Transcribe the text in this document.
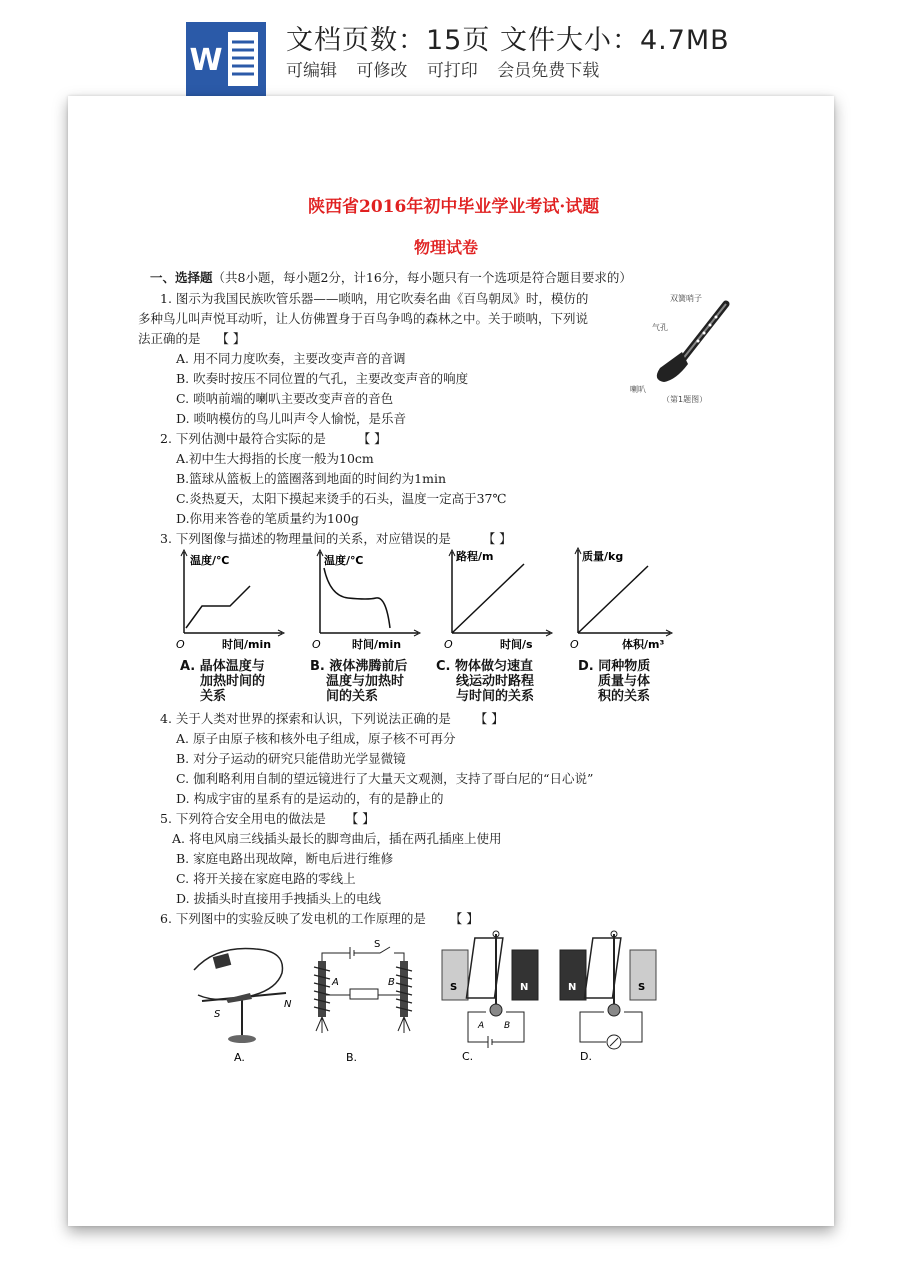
W
文档页数：15页 文件大小：4.7MB
可编辑 可修改 可打印 会员免费下载
陕西省2016年初中毕业学业考试·试题
物理试卷
一、选择题（共8小题，每小题2分，计16分，每小题只有一个选项是符合题目要求的）
1. 图示为我国民族吹管乐器——唢呐，用它吹奏名曲《百鸟朝凤》时，模仿的
多种鸟儿叫声悦耳动听，让人仿佛置身于百鸟争鸣的森林之中。关于唢呐，下列说
法正确的是 【 】
A. 用不同力度吹奏，主要改变声音的音调
B. 吹奏时按压不同位置的气孔，主要改变声音的响度
C. 唢呐前端的喇叭主要改变声音的音色
D. 唢呐模仿的鸟儿叫声令人愉悦，是乐音
双簧哨子
气孔
喇叭
（第1题图）
2. 下列估测中最符合实际的是	【 】
A.初中生大拇指的长度一般为10cm
B.篮球从篮板上的篮圈落到地面的时间约为1min
C.炎热夏天，太阳下摸起来烫手的石头，温度一定高于37℃
D.你用来答卷的笔质量约为100g
3. 下列图像与描述的物理量间的关系，对应错误的是	【 】
温度/℃
O	时间/min
A. 晶体温度与
加热时间的
关系
温度/℃
O	时间/min
B. 液体沸腾前后
温度与加热时
间的关系
路程/m
O	时间/s
C. 物体做匀速直
线运动时路程
与时间的关系
质量/kg
O	体积/m³
D. 同种物质
质量与体
积的关系
4. 关于人类对世界的探索和认识，下列说法正确的是 【 】
A. 原子由原子核和核外电子组成，原子核不可再分
B. 对分子运动的研究只能借助光学显微镜
C. 伽利略利用自制的望远镜进行了大量天文观测，支持了哥白尼的“日心说”
D. 构成宇宙的星系有的是运动的，有的是静止的
5. 下列符合安全用电的做法是 【 】
A. 将电风扇三线插头最长的脚弯曲后，插在两孔插座上使用
B. 家庭电路出现故障，断电后进行维修
C. 将开关接在家庭电路的零线上
D. 拔插头时直接用手拽插头上的电线
6. 下列图中的实验反映了发电机的工作原理的是 【 】
S
N
A.
S
A	B
B.
S	N
A B
C.
N	S
D.
